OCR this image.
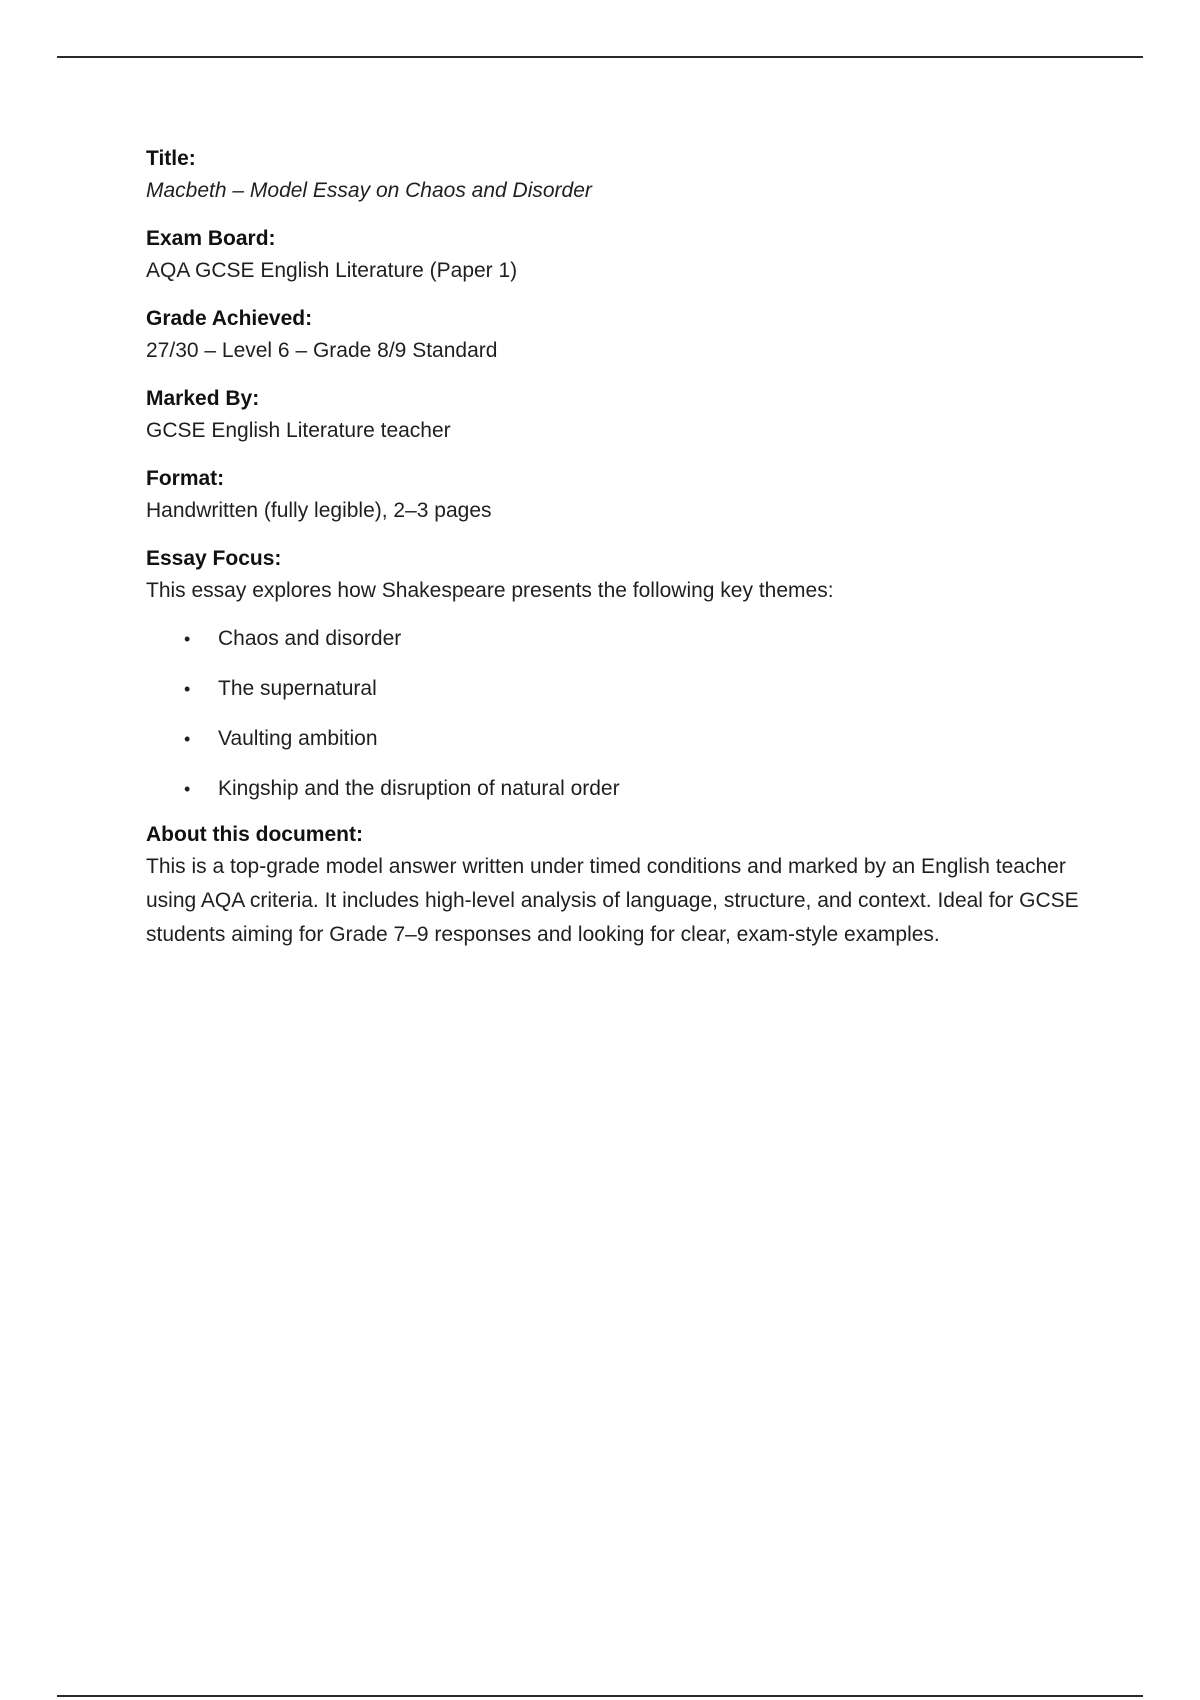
Title:
Macbeth – Model Essay on Chaos and Disorder
Exam Board:
AQA GCSE English Literature (Paper 1)
Grade Achieved:
27/30 – Level 6 – Grade 8/9 Standard
Marked By:
GCSE English Literature teacher
Format:
Handwritten (fully legible), 2–3 pages
Essay Focus:
This essay explores how Shakespeare presents the following key themes:
• Chaos and disorder
• The supernatural
• Vaulting ambition
• Kingship and the disruption of natural order
About this document:
This is a top-grade model answer written under timed conditions and marked by an English teacher using AQA criteria. It includes high-level analysis of language, structure, and context. Ideal for GCSE students aiming for Grade 7–9 responses and looking for clear, exam-style examples.
